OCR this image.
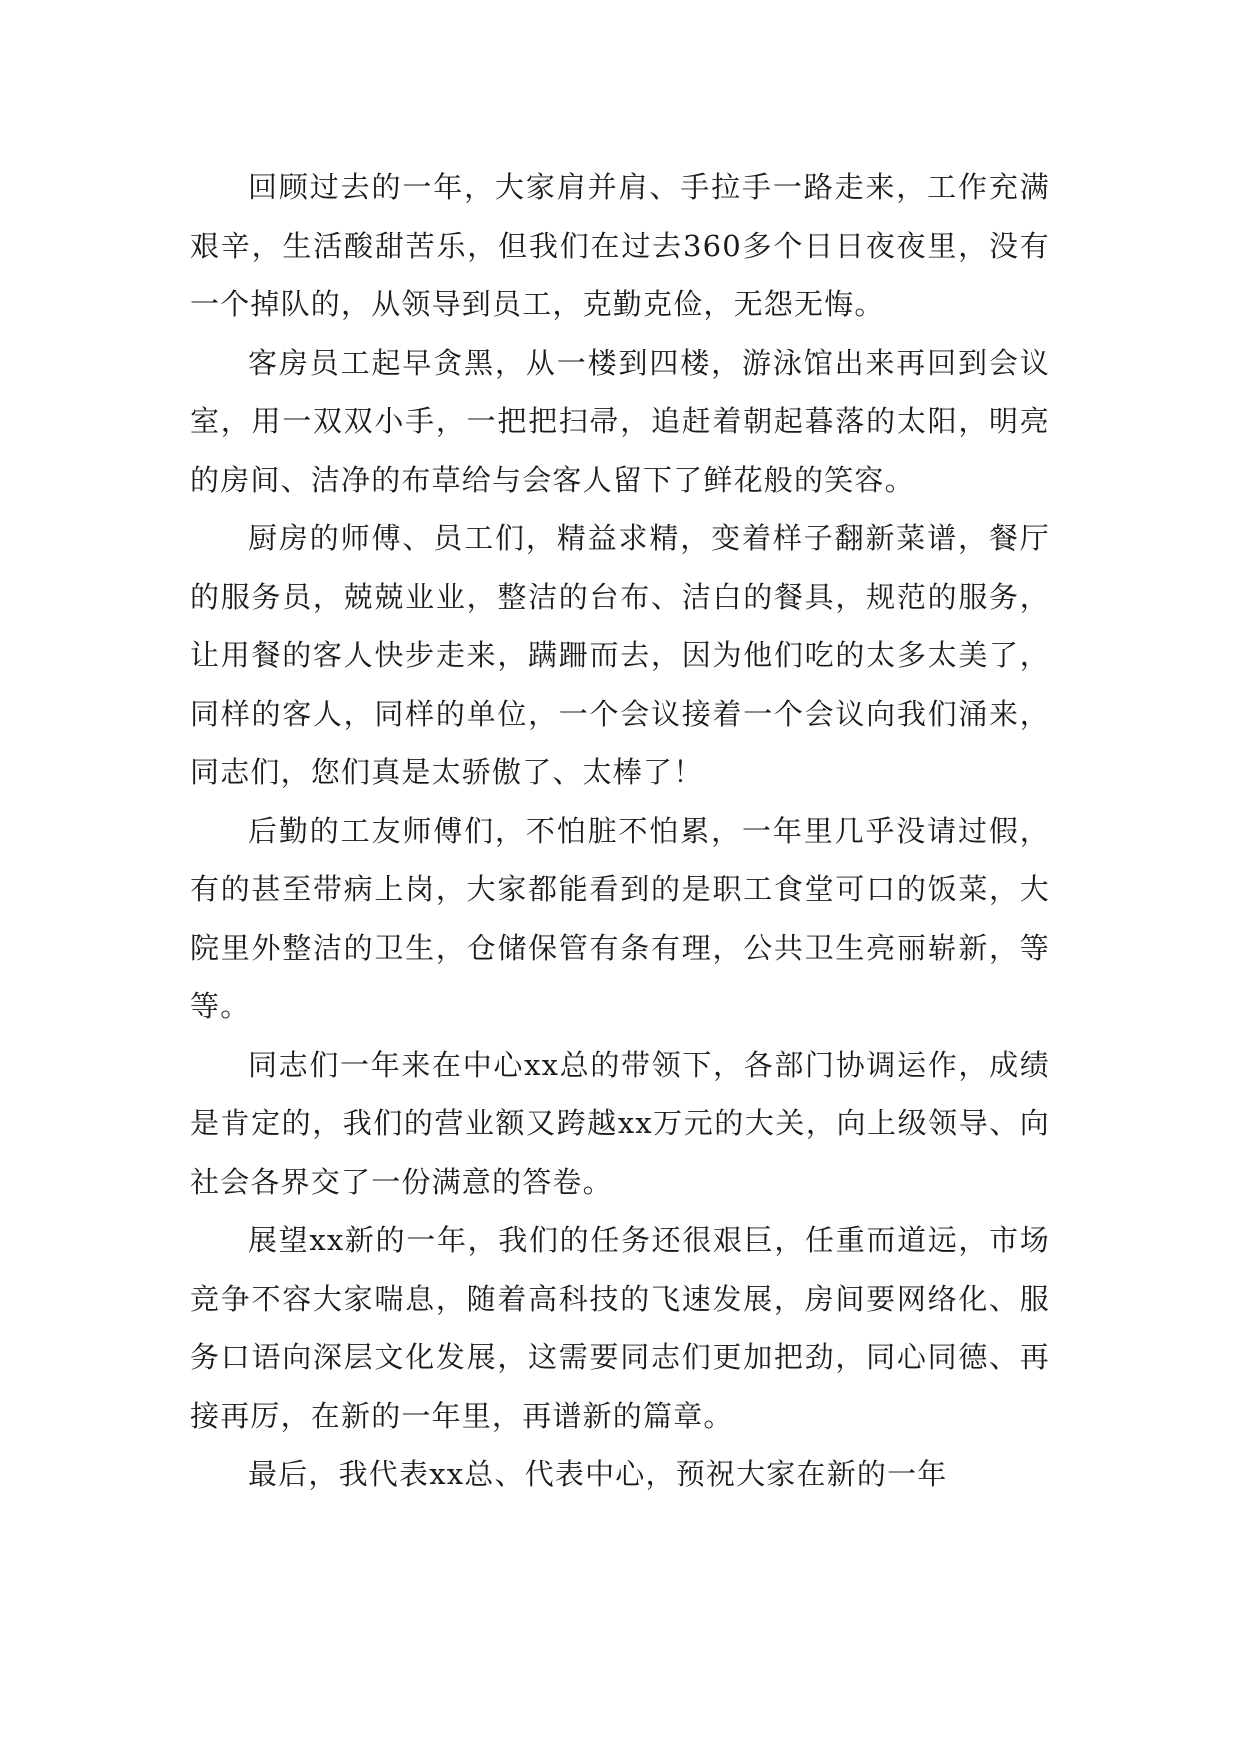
回顾过去的一年，大家肩并肩、手拉手一路走来，工作充满艰辛，生活酸甜苦乐，但我们在过去360多个日日夜夜里，没有一个掉队的，从领导到员工，克勤克俭，无怨无悔。

客房员工起早贪黑，从一楼到四楼，游泳馆出来再回到会议室，用一双双小手，一把把扫帚，追赶着朝起暮落的太阳，明亮的房间、洁净的布草给与会客人留下了鲜花般的笑容。

厨房的师傅、员工们，精益求精，变着样子翻新菜谱，餐厅的服务员，兢兢业业，整洁的台布、洁白的餐具，规范的服务，让用餐的客人快步走来，蹒跚而去，因为他们吃的太多太美了，同样的客人，同样的单位，一个会议接着一个会议向我们涌来，同志们，您们真是太骄傲了、太棒了！

后勤的工友师傅们，不怕脏不怕累，一年里几乎没请过假，有的甚至带病上岗，大家都能看到的是职工食堂可口的饭菜，大院里外整洁的卫生，仓储保管有条有理，公共卫生亮丽崭新，等等。

同志们一年来在中心xx总的带领下，各部门协调运作，成绩是肯定的，我们的营业额又跨越xx万元的大关，向上级领导、向社会各界交了一份满意的答卷。

展望xx新的一年，我们的任务还很艰巨，任重而道远，市场竞争不容大家喘息，随着高科技的飞速发展，房间要网络化、服务口语向深层文化发展，这需要同志们更加把劲，同心同德、再接再厉，在新的一年里，再谱新的篇章。

最后，我代表xx总、代表中心，预祝大家在新的一年
